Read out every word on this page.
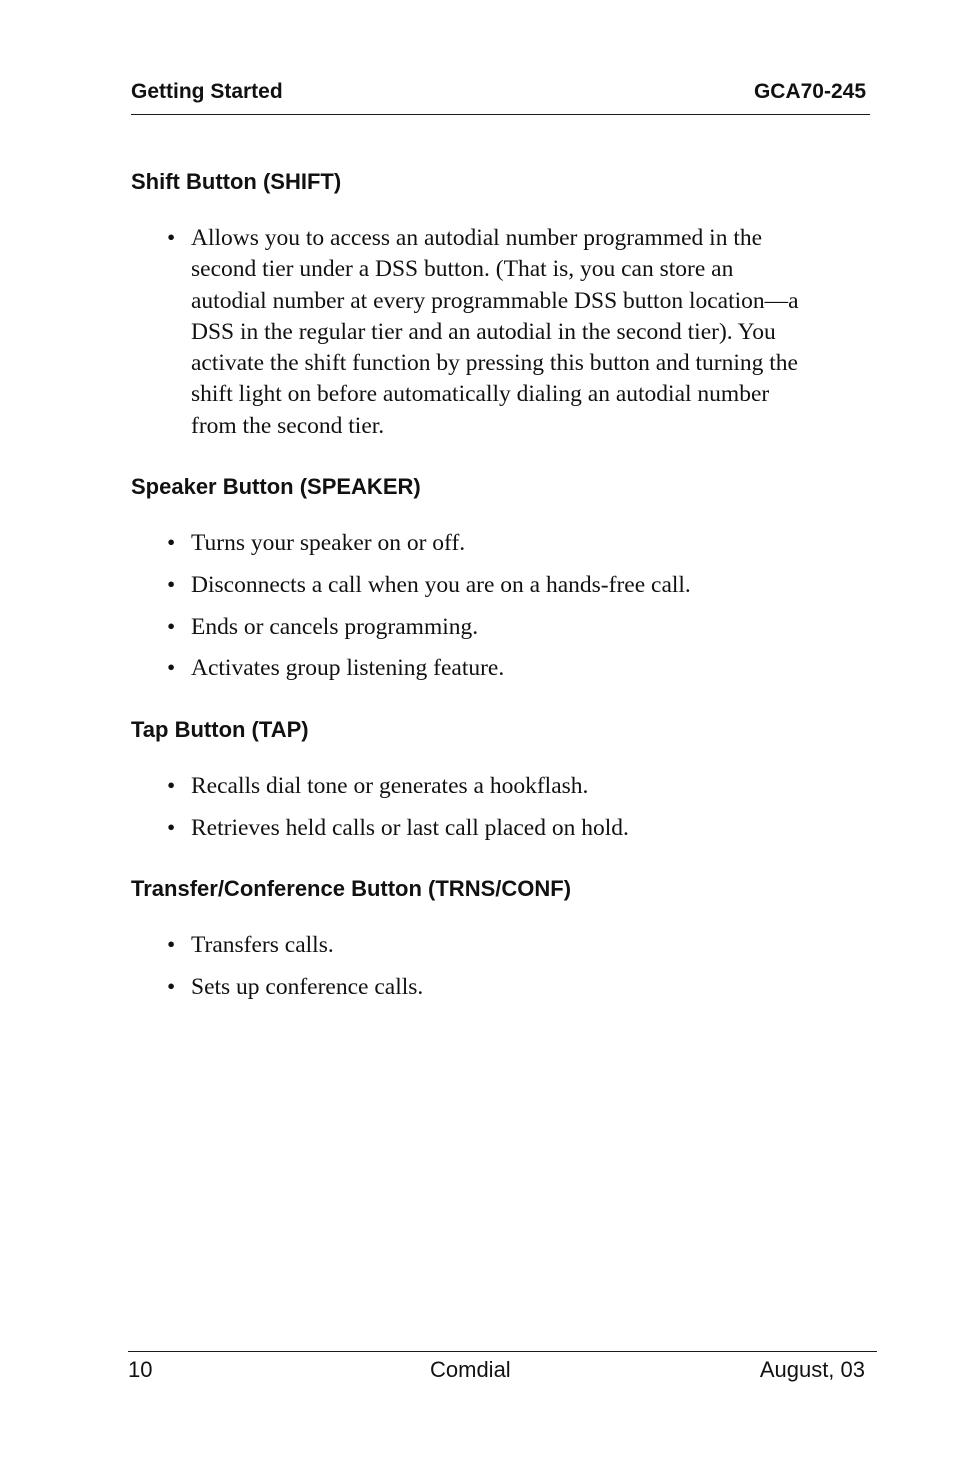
Getting Started	GCA70-245
Shift Button (SHIFT)
• Allows you to access an autodial number programmed in the second tier under a DSS button. (That is, you can store an autodial number at every programmable DSS button location—a DSS in the regular tier and an autodial in the second tier). You activate the shift function by pressing this button and turning the shift light on before automatically dialing an autodial number from the second tier.
Speaker Button (SPEAKER)
• Turns your speaker on or off.
• Disconnects a call when you are on a hands-free call.
• Ends or cancels programming.
• Activates group listening feature.
Tap Button (TAP)
• Recalls dial tone or generates a hookflash.
• Retrieves held calls or last call placed on hold.
Transfer/Conference Button (TRNS/CONF)
• Transfers calls.
• Sets up conference calls.
10	Comdial	August, 03
